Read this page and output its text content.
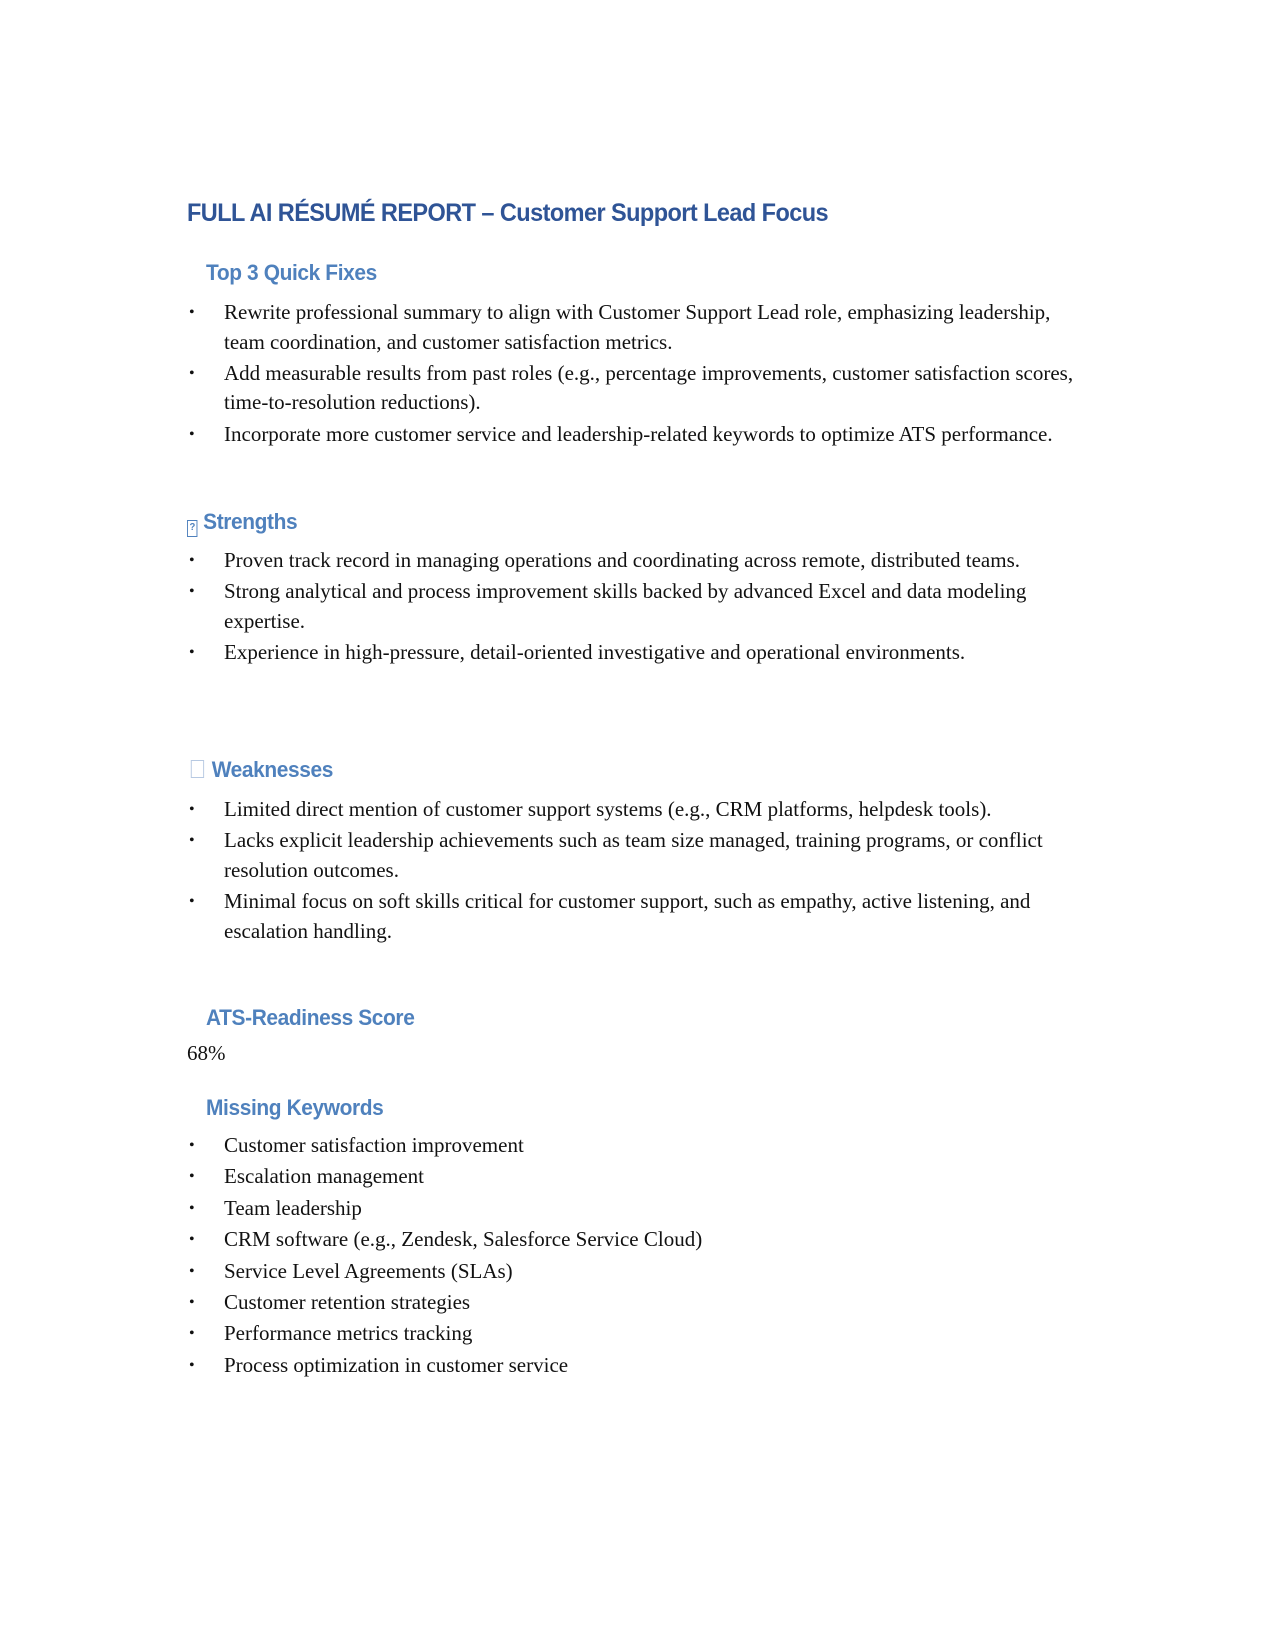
FULL AI RÉSUMÉ REPORT – Customer Support Lead Focus
Top 3 Quick Fixes
• Rewrite professional summary to align with Customer Support Lead role, emphasizing leadership, team coordination, and customer satisfaction metrics.
• Add measurable results from past roles (e.g., percentage improvements, customer satisfaction scores, time-to-resolution reductions).
• Incorporate more customer service and leadership-related keywords to optimize ATS performance.
? Strengths
• Proven track record in managing operations and coordinating across remote, distributed teams.
• Strong analytical and process improvement skills backed by advanced Excel and data modeling expertise.
• Experience in high-pressure, detail-oriented investigative and operational environments.
Weaknesses
• Limited direct mention of customer support systems (e.g., CRM platforms, helpdesk tools).
• Lacks explicit leadership achievements such as team size managed, training programs, or conflict resolution outcomes.
• Minimal focus on soft skills critical for customer support, such as empathy, active listening, and escalation handling.
ATS-Readiness Score
68%
Missing Keywords
• Customer satisfaction improvement
• Escalation management
• Team leadership
• CRM software (e.g., Zendesk, Salesforce Service Cloud)
• Service Level Agreements (SLAs)
• Customer retention strategies
• Performance metrics tracking
• Process optimization in customer service
